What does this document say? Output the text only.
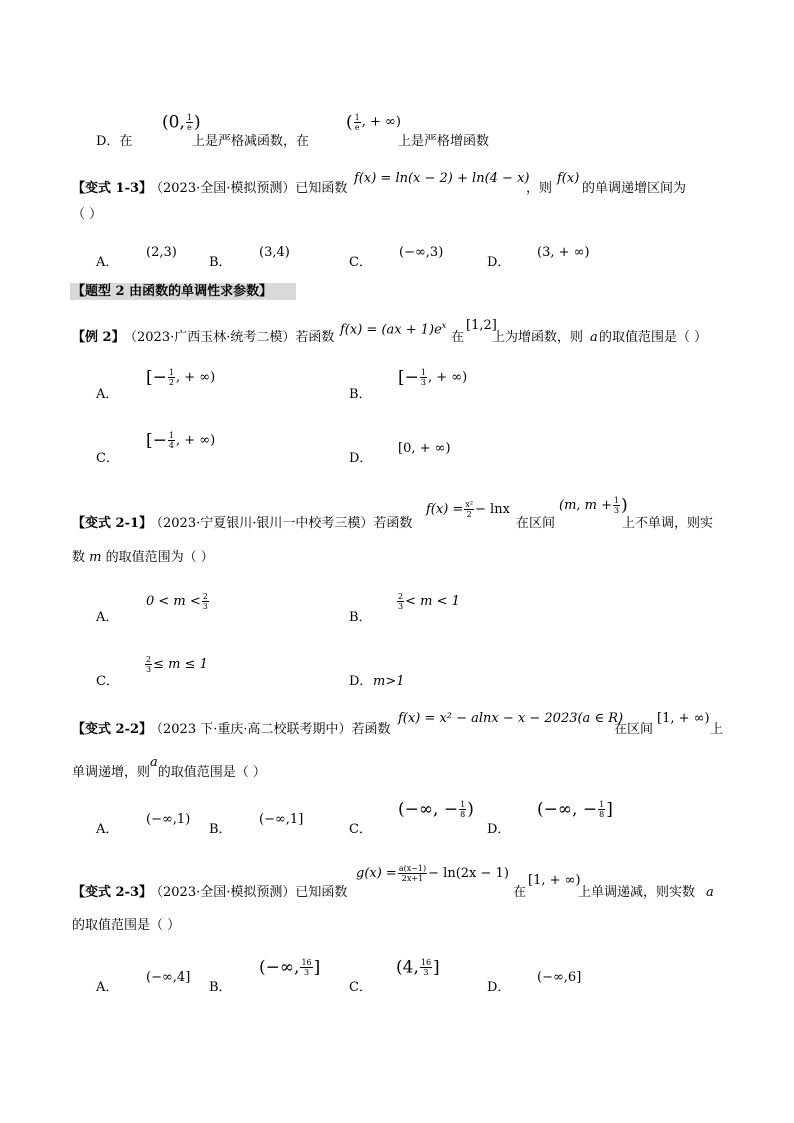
D．在
(0, $\frac{1}{e}$ )
上是严格减函数，在
( $\frac{1}{e}$ , + ∞)
上是严格增函数
【变式 1-3】
（2023·全国·模拟预测）已知函数
f(x) = ln(x − 2) + ln(4 − x)
，则
f(x)
的单调递增区间为
（ ）
A．
(2,3)
B．
(3,4)
C．
(−∞,3)
D．
(3, + ∞)
【题型 2 由函数的单调性求参数】
【例 2】 （2023·广西玉林·统考二模）若函数
$f(x) = (ax + 1)e^x$
在
[1,2]
上为增函数，则 a 的取值范围是（ ）
A．
[− $\frac{1}{2}$ , + ∞)
B．
[− $\frac{1}{3}$ , + ∞)
C．
[− $\frac{1}{4}$ , + ∞)
D．
[0, + ∞)
【变式 2-1】
（2023·宁夏银川·银川一中校考三模）若函数
$f(x) = \frac{\text{x²}}{2} - \ln x$
在区间
(m, $m + \frac{1}{3}$ )
上不单调，则实
数 m 的取值范围为（ ）
A．
$0 < m < \frac{2}{3}$
B．
$\frac{2}{3} < m < 1$
C．
$\frac{2}{3} \le m \le 1$
D． m>1
【变式 2-2】
（2023 下·重庆·高二校联考期中）若函数
f(x) = x² − alnx − x − 2023(a ∈ R)
在区间
[1, + ∞)
上
单调递增，则a的取值范围是（ ）
A．
(−∞,1)
B．
(−∞,1]
C．
(−∞, − $\frac{1}{8}$ )
D．
(−∞, − $\frac{1}{8}$ ]
【变式 2-3】
（2023·全国·模拟预测）已知函数
$g(x) = \frac{a(x-1)}{2x+1} - \ln(2x - 1)$
在
[1, + ∞)
上单调递减，则实数 a
的取值范围是（ ）
A．
(−∞,4]
B．
(−∞, $\frac{16}{3}$ ]
C．
(4, $\frac{16}{3}$ ]
D．
(−∞,6]
